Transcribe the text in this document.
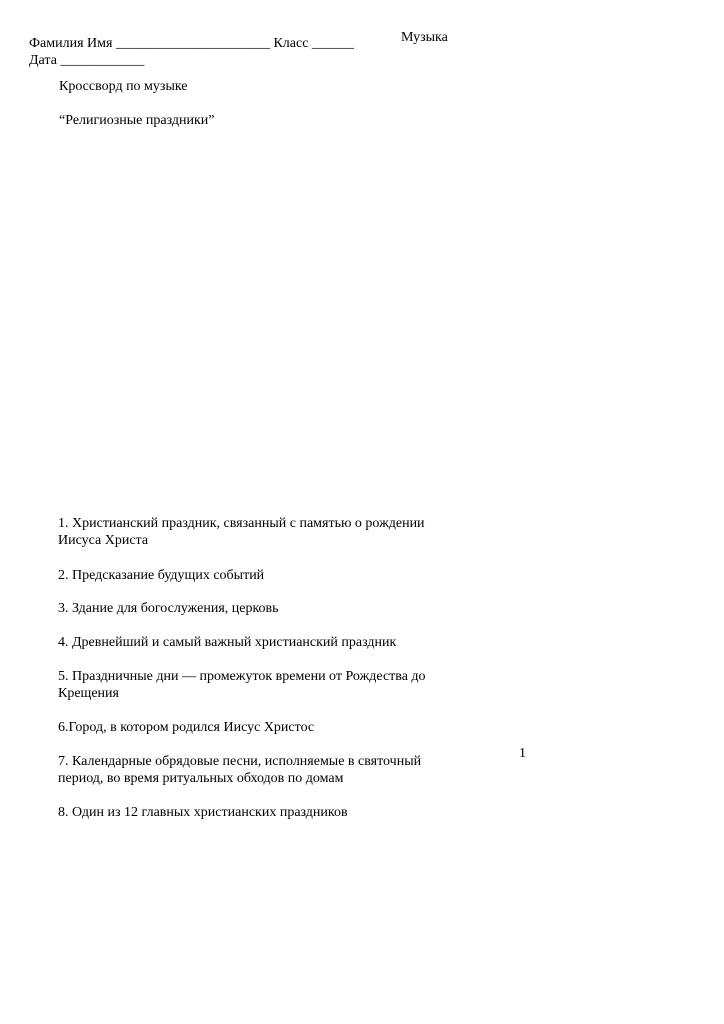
Фамилия Имя ______________________ Класс ______
Дата ____________
Музыка
Кроссворд по музыке
“Религиозные праздники”
1. Христианский праздник, связанный с памятью о рождении Иисуса Христа
2. Предсказание будущих событий
3. Здание для богослужения, церковь
4. Древнейший и самый важный христианский праздник
5. Праздничные дни — промежуток времени от Рождества до Крещения
6.Город, в котором родился Иисус Христос
7. Календарные обрядовые песни, исполняемые в святочный период, во время ритуальных обходов по домам
8. Один из 12 главных христианских праздников
1
